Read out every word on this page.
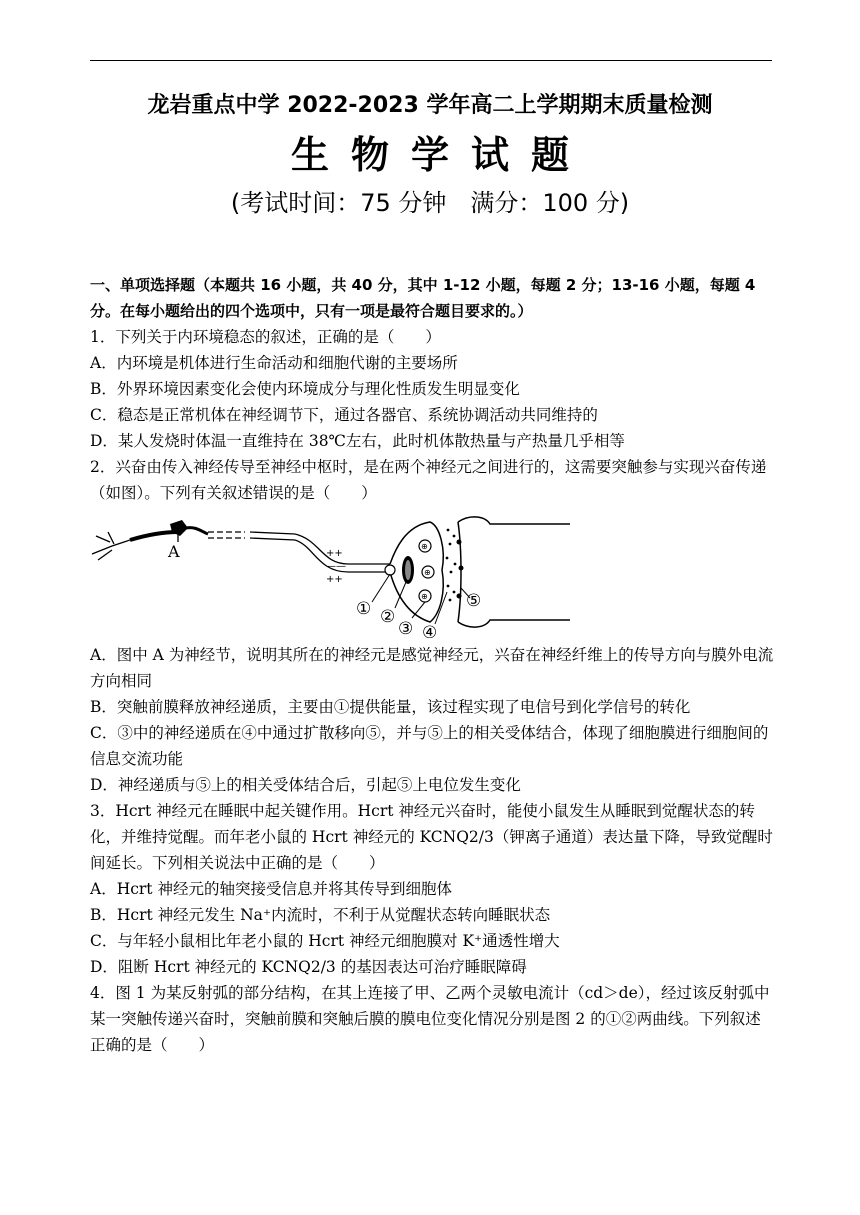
龙岩重点中学 2022-2023 学年高二上学期期末质量检测
生物学试题
(考试时间：75 分钟　满分：100 分)

一、单项选择题（本题共 16 小题，共 40 分，其中 1-12 小题，每题 2 分；13-16 小题，每题 4 分。在每小题给出的四个选项中，只有一项是最符合题目要求的。）

1．下列关于内环境稳态的叙述，正确的是（　　）

A．内环境是机体进行生命活动和细胞代谢的主要场所

B．外界环境因素变化会使内环境成分与理化性质发生明显变化

C．稳态是正常机体在神经调节下，通过各器官、系统协调活动共同维持的

D．某人发烧时体温一直维持在 38℃左右，此时机体散热量与产热量几乎相等

2．兴奋由传入神经传导至神经中枢时，是在两个神经元之间进行的，这需要突触参与实现兴奋传递（如图）。下列有关叙述错误的是（　　）

A	++
——
++
⊕
⊕
⊕
① ②
③ ④
⑤

A．图中 A 为神经节，说明其所在的神经元是感觉神经元，兴奋在神经纤维上的传导方向与膜外电流方向相同

B．突触前膜释放神经递质，主要由①提供能量，该过程实现了电信号到化学信号的转化

C．③中的神经递质在④中通过扩散移向⑤，并与⑤上的相关受体结合，体现了细胞膜进行细胞间的信息交流功能

D．神经递质与⑤上的相关受体结合后，引起⑤上电位发生变化

3．Hcrt 神经元在睡眠中起关键作用。Hcrt 神经元兴奋时，能使小鼠发生从睡眠到觉醒状态的转化，并维持觉醒。而年老小鼠的 Hcrt 神经元的 KCNQ2/3（钾离子通道）表达量下降，导致觉醒时间延长。下列相关说法中正确的是（　　）

A．Hcrt 神经元的轴突接受信息并将其传导到细胞体

B．Hcrt 神经元发生 Na⁺内流时，不利于从觉醒状态转向睡眠状态

C．与年轻小鼠相比年老小鼠的 Hcrt 神经元细胞膜对 K⁺通透性增大

D．阻断 Hcrt 神经元的 KCNQ2/3 的基因表达可治疗睡眠障碍

4．图 1 为某反射弧的部分结构，在其上连接了甲、乙两个灵敏电流计（cd＞de），经过该反射弧中某一突触传递兴奋时，突触前膜和突触后膜的膜电位变化情况分别是图 2 的①②两曲线。下列叙述正确的是（　　）
